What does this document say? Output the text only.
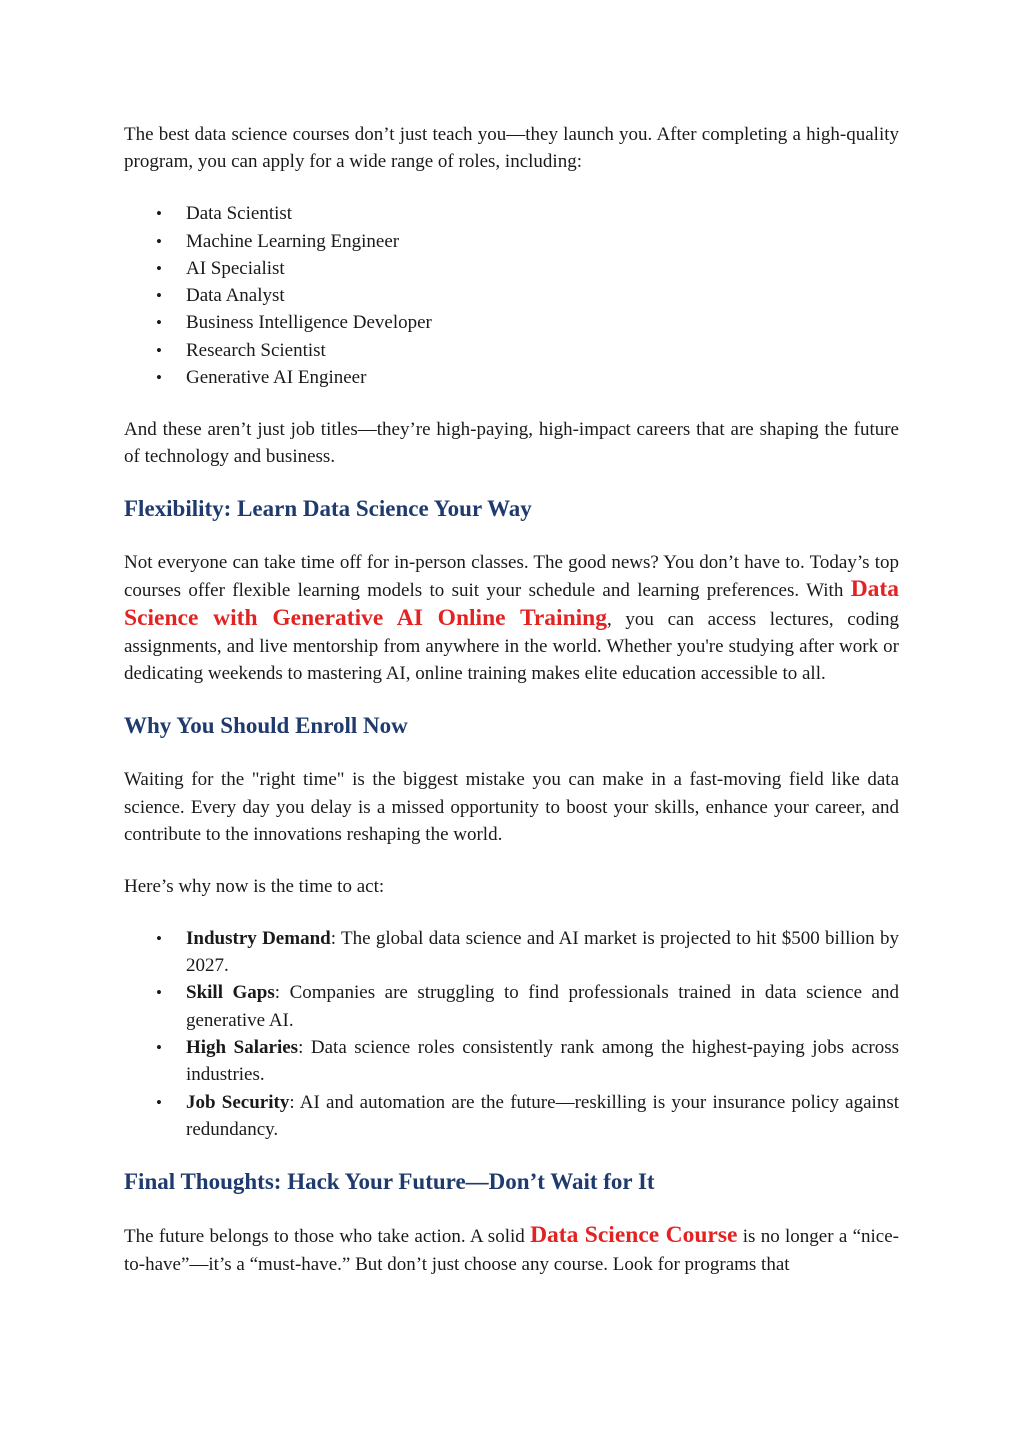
The best data science courses don’t just teach you—they launch you. After completing a high-quality program, you can apply for a wide range of roles, including:

• Data Scientist
• Machine Learning Engineer
• AI Specialist
• Data Analyst
• Business Intelligence Developer
• Research Scientist
• Generative AI Engineer

And these aren’t just job titles—they’re high-paying, high-impact careers that are shaping the future of technology and business.

Flexibility: Learn Data Science Your Way

Not everyone can take time off for in-person classes. The good news? You don’t have to. Today’s top courses offer flexible learning models to suit your schedule and learning preferences. With Data Science with Generative AI Online Training, you can access lectures, coding assignments, and live mentorship from anywhere in the world. Whether you're studying after work or dedicating weekends to mastering AI, online training makes elite education accessible to all.

Why You Should Enroll Now

Waiting for the "right time" is the biggest mistake you can make in a fast-moving field like data science. Every day you delay is a missed opportunity to boost your skills, enhance your career, and contribute to the innovations reshaping the world.

Here’s why now is the time to act:

• Industry Demand: The global data science and AI market is projected to hit $500 billion by 2027.
• Skill Gaps: Companies are struggling to find professionals trained in data science and generative AI.
• High Salaries: Data science roles consistently rank among the highest-paying jobs across industries.
• Job Security: AI and automation are the future—reskilling is your insurance policy against redundancy.
Final Thoughts: Hack Your Future—Don’t Wait for It

The future belongs to those who take action. A solid Data Science Course is no longer a “nice-to-have”—it’s a “must-have.” But don’t just choose any course. Look for programs that
